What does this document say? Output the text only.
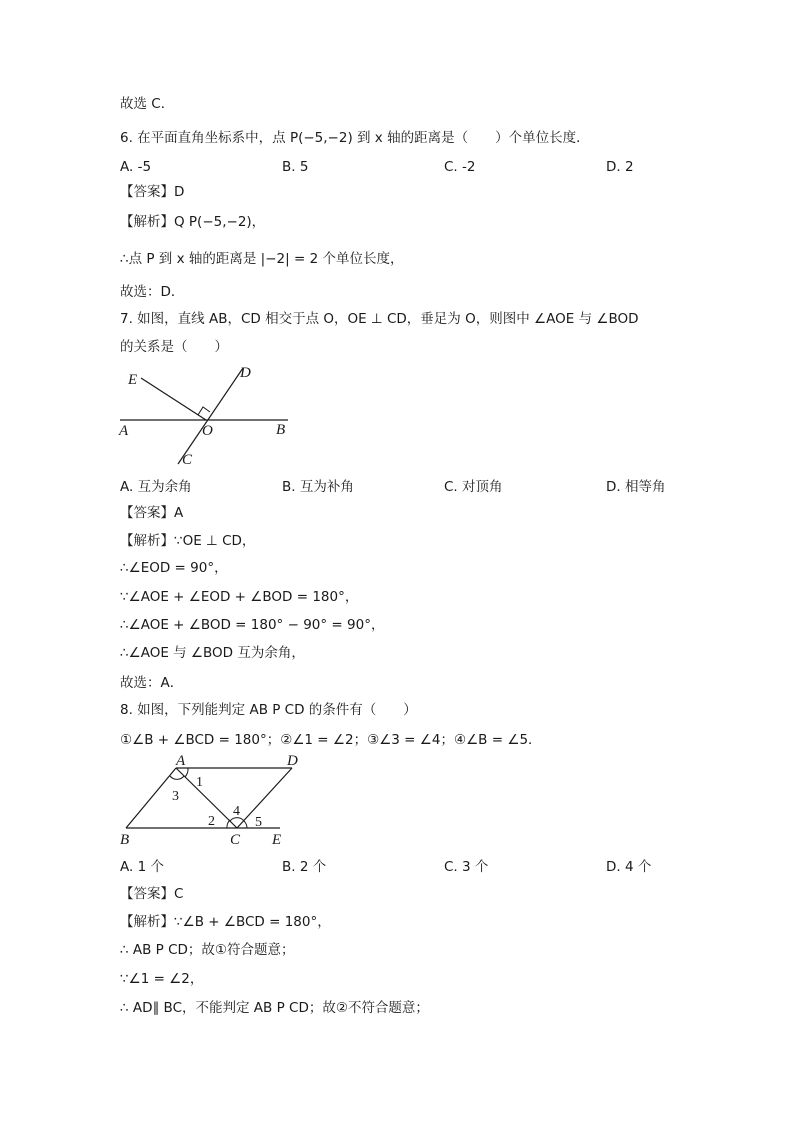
故选 C．
6. 在平面直角坐标系中，点 P(−5,−2) 到 x 轴的距离是（　　）个单位长度．
A. -5	B. 5	C. -2	D. 2
【答案】D
【解析】Q P(−5,−2)，
∴点 P 到 x 轴的距离是 |−2| = 2 个单位长度，
故选：D．
7. 如图，直线 AB，CD 相交于点 O，OE ⊥ CD，垂足为 O，则图中 ∠AOE 与 ∠BOD
的关系是（　　）
E	D
A	O	B
C
A. 互为余角	B. 互为补角	C. 对顶角	D. 相等角
【答案】A
【解析】∵OE ⊥ CD，
∴∠EOD = 90°，
∵∠AOE + ∠EOD + ∠BOD = 180°，
∴∠AOE + ∠BOD = 180° − 90° = 90°，
∴∠AOE 与 ∠BOD 互为余角，
故选：A．
8. 如图，下列能判定 AB P CD 的条件有（　　）
①∠B + ∠BCD = 180°；②∠1 = ∠2；③∠3 = ∠4；④∠B = ∠5．
A	D
B	C E
1
3
2
4
5
A. 1 个	B. 2 个	C. 3 个	D. 4 个
【答案】C
【解析】∵∠B + ∠BCD = 180°，
∴ AB P CD；故①符合题意；
∵∠1 = ∠2，
∴ AD∥ BC，不能判定 AB P CD；故②不符合题意；
